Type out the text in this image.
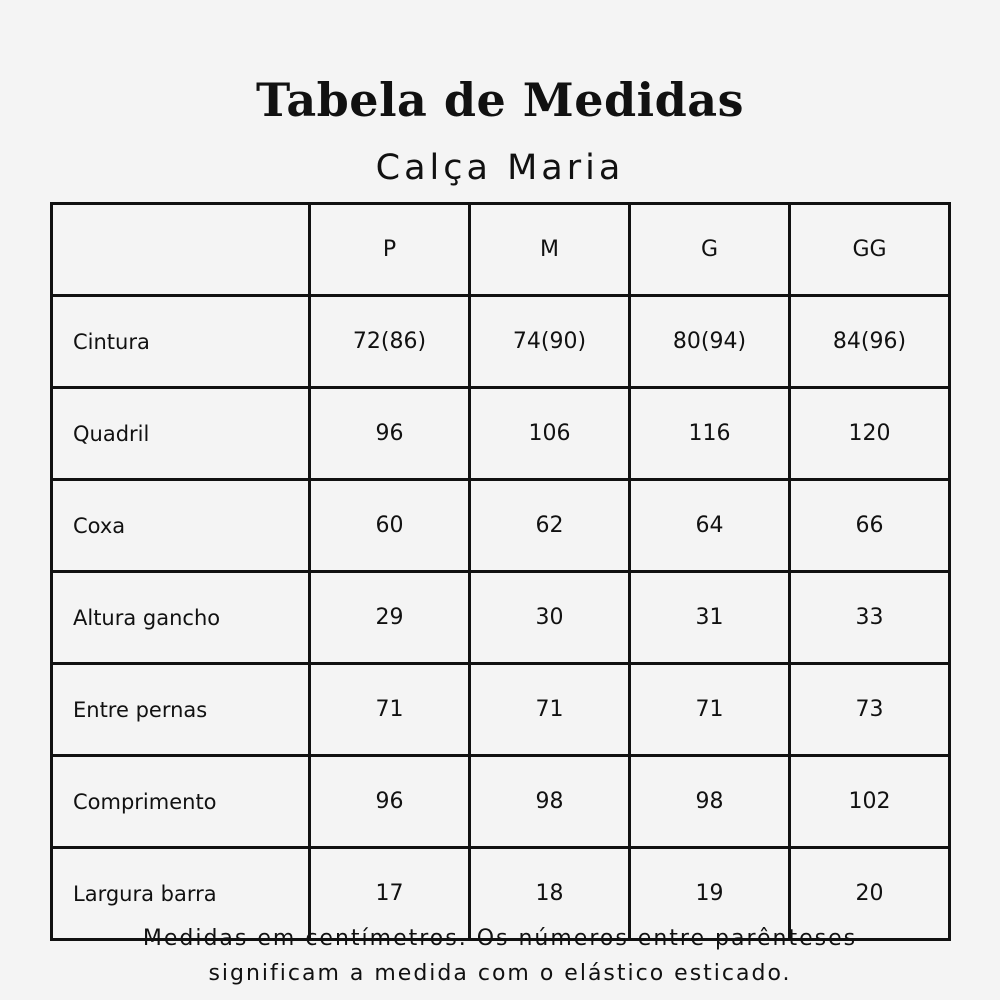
Tabela de Medidas
Calça Maria
	P	M	G	GG
Cintura	72(86)	74(90)	80(94)	84(96)
Quadril	96	106	116	120
Coxa	60	62	64	66
Altura gancho	29	30	31	33
Entre pernas	71	71	71	73
Comprimento	96	98	98	102
Largura barra	17	18	19	20
Medidas em centímetros. Os números entre parênteses
significam a medida com o elástico esticado.
